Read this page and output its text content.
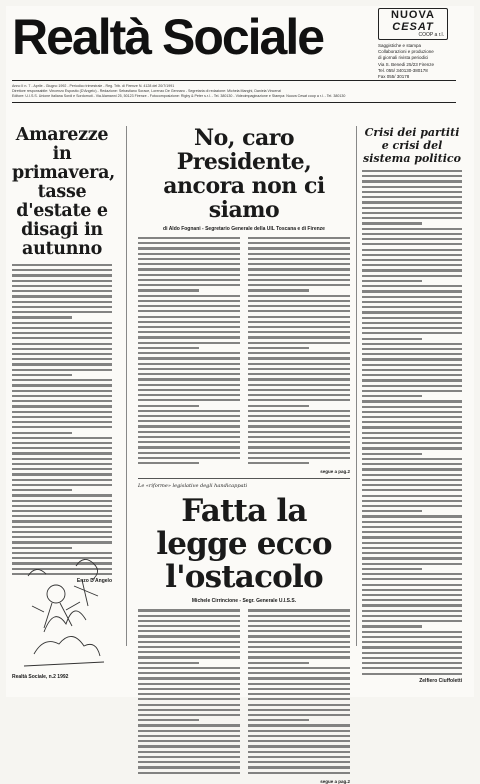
Realtà Sociale	NUOVA
CESAT
COOP a r.l.
Saggistiche e stampa
Collaborazioni e produzione
di giornali rivista periodici
Via S. Benedi 25/23 Firenze
Tel. 055/ 340130-380178
Fax 055/ 30178
Anno II n. 7 - Aprile - Giugno 1992 - Periodico trimestrale - Reg. Trib. di Firenze N. 4128 del 20/7/1991
Direttore responsabile: Vincenzo Esposito (D'Angelo) - Redazione: Sebastiano Sorace, Lorenzo De Gennaro - Segretaria di redazione: Michela Manghi, Daniela Vincenzi
Editore: U.I.S.S. Unione Italiana Sordi e Sordomuti - Via Alamanni 25, 50123 Firenze - Fotocomposizione: Rigby & Peter s.r.l. - Tel. 380130 - Videoimpaginazione e Stampa: Nuova Cesat coop a r.l. - Tel. 380130
Amarezze in primavera, tasse d'estate e disagi in autunno
Enzo D'Angelo
No, caro Presidente, ancora non ci siamo
di Aldo Fognani - Segretario Generale della UIL Toscana e di Firenze
segue a pag.2
Le «riforme» legislative degli handicappati
Fatta la legge ecco l'ostacolo
Michele Cirrincione - Segr. Generale U.I.S.S.
segue a pag.2
Crisi dei partiti e crisi del sistema politico
Zelfiero Ciuffoletti
Realtà Sociale, n.2 1992
